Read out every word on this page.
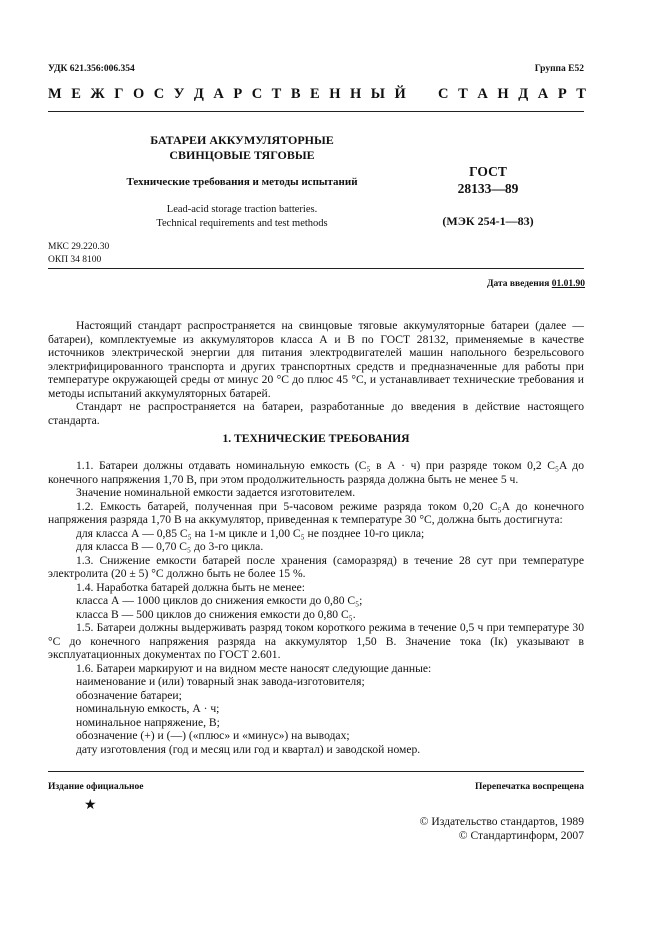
УДК 621.356:006.354	Группа Е52
М Е Ж Г О С У Д А Р С Т В Е Н Н Ы Й С Т А Н Д А Р Т
БАТАРЕИ АККУМУЛЯТОРНЫЕ
СВИНЦОВЫЕ ТЯГОВЫЕ
Технические требования и методы испытаний
Lead-acid storage traction batteries.
Technical requirements and test methods
ГОСТ
28133—89
(МЭК 254-1—83)
МКС 29.220.30
ОКП 34 8100
Дата введения 01.01.90

Настоящий стандарт распространяется на свинцовые тяговые аккумуляторные батареи (далее — батареи), комплектуемые из аккумуляторов класса А и В по ГОСТ 28132, применяемые в качестве источников электрической энергии для питания электродвигателей машин напольного безрельсового электрифицированного транспорта и других транспортных средств и предназначенные для работы при температуре окружающей среды от минус 20 °С до плюс 45 °С, и устанавливает технические требования и методы испытаний аккумуляторных батарей.

Стандарт не распространяется на батареи, разработанные до введения в действие настоящего стандарта.

1. ТЕХНИЧЕСКИЕ ТРЕБОВАНИЯ

1.1. Батареи должны отдавать номинальную емкость (C₅ в А · ч) при разряде током 0,2 C₅A до конечного напряжения 1,70 В, при этом продолжительность разряда должна быть не менее 5 ч.

Значение номинальной емкости задается изготовителем.

1.2. Емкость батарей, полученная при 5-часовом режиме разряда током 0,20 C₅A до конечного напряжения разряда 1,70 В на аккумулятор, приведенная к температуре 30 °С, должна быть достигнута:

для класса А — 0,85 C₅ на 1-м цикле и 1,00 C₅ не позднее 10-го цикла;

для класса В — 0,70 C₅ до 3-го цикла.

1.3. Снижение емкости батарей после хранения (саморазряд) в течение 28 сут при температуре электролита (20 ± 5) °С должно быть не более 15 %.

1.4. Наработка батарей должна быть не менее:

класса А — 1000 циклов до снижения емкости до 0,80 C₅;

класса В — 500 циклов до снижения емкости до 0,80 C₅.

1.5. Батареи должны выдерживать разряд током короткого режима в течение 0,5 ч при температуре 30 °С до конечного напряжения разряда на аккумулятор 1,50 В. Значение тока (Iк) указывают в эксплуатационных документах по ГОСТ 2.601.

1.6. Батареи маркируют и на видном месте наносят следующие данные:

наименование и (или) товарный знак завода-изготовителя;

обозначение батареи;

номинальную емкость, А · ч;

номинальное напряжение, В;

обозначение (+) и (—) («плюс» и «минус») на выводах;

дату изготовления (год и месяц или год и квартал) и заводской номер.

Издание официальное	Перепечатка воспрещена
★
© Издательство стандартов, 1989
© Стандартинформ, 2007
